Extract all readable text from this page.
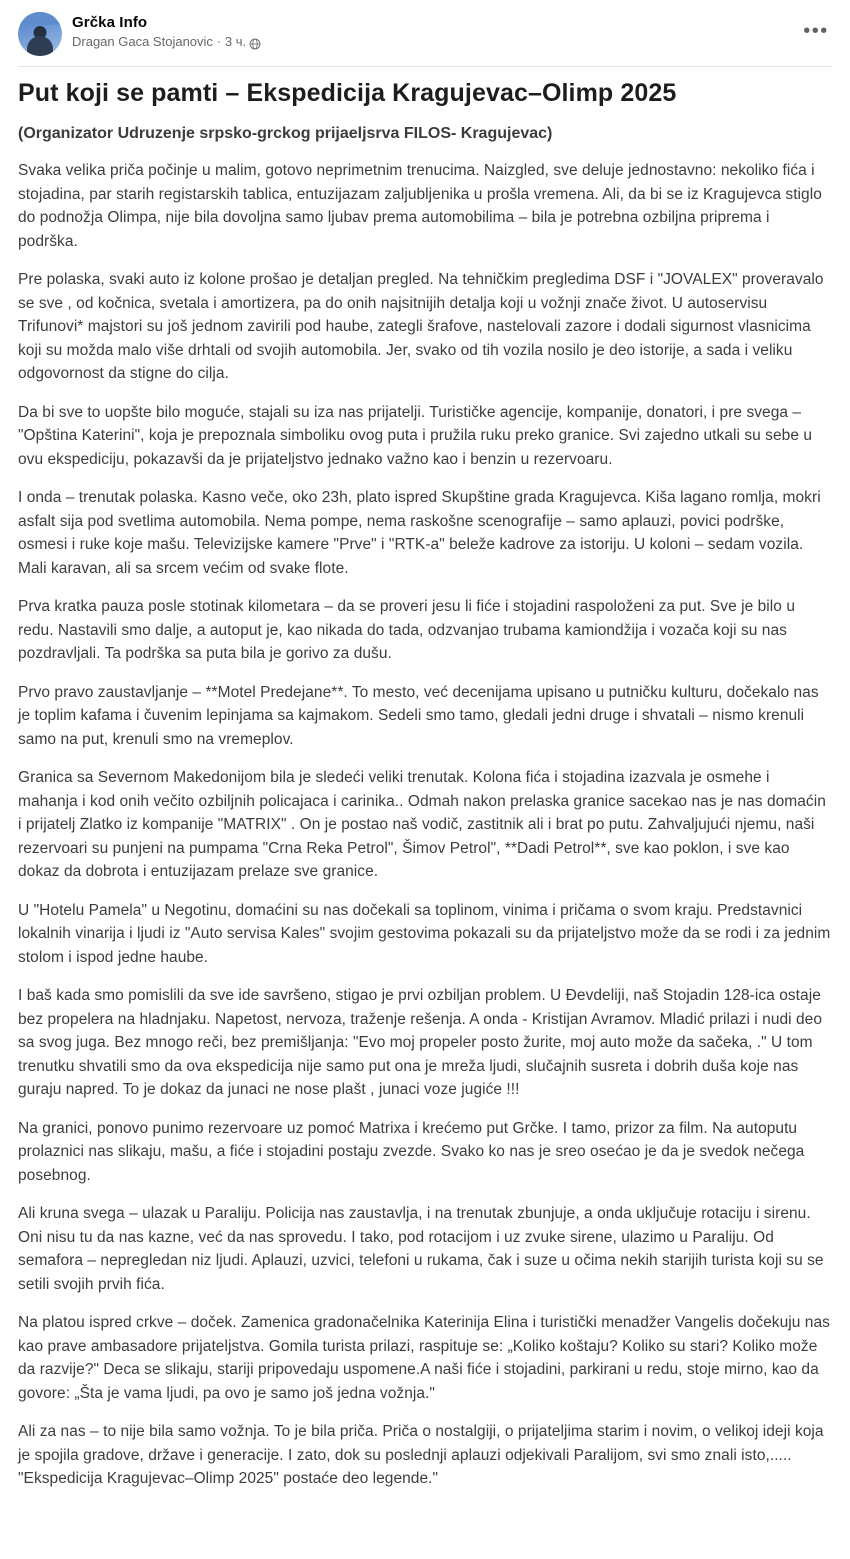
Grčka Info
Dragan Gaca Stojanovic · 3 ч.	•••
Put koji se pamti – Ekspedicija Kragujevac–Olimp 2025
(Organizator Udruzenje srpsko-grckog prijaeljsrva FILOS- Kragujevac)

Svaka velika priča počinje u malim, gotovo neprimetnim trenucima. Naizgled, sve deluje jednostavno: nekoliko fića i stojadina, par starih registarskih tablica, entuzijazam zaljubljenika u prošla vremena. Ali, da bi se iz Kragujevca stiglo do podnožja Olimpa, nije bila dovoljna samo ljubav prema automobilima – bila je potrebna ozbiljna priprema i podrška.

Pre polaska, svaki auto iz kolone prošao je detaljan pregled. Na tehničkim pregledima DSF i "JOVALEX" proveravalo se sve , od kočnica, svetala i amortizera, pa do onih najsitnijih detalja koji u vožnji znače život. U autoservisu Trifunovi* majstori su još jednom zavirili pod haube, zategli šrafove, nastelovali zazore i dodali sigurnost vlasnicima koji su možda malo više drhtali od svojih automobila. Jer, svako od tih vozila nosilo je deo istorije, a sada i veliku odgovornost da stigne do cilja.

Da bi sve to uopšte bilo moguće, stajali su iza nas prijatelji. Turističke agencije, kompanije, donatori, i pre svega – "Opština Katerini", koja je prepoznala simboliku ovog puta i pružila ruku preko granice. Svi zajedno utkali su sebe u ovu ekspediciju, pokazavši da je prijateljstvo jednako važno kao i benzin u rezervoaru.

I onda – trenutak polaska. Kasno veče, oko 23h, plato ispred Skupštine grada Kragujevca. Kiša lagano romlja, mokri asfalt sija pod svetlima automobila. Nema pompe, nema raskošne scenografije – samo aplauzi, povici podrške, osmesi i ruke koje mašu. Televizijske kamere "Prve" i "RTK-a" beleže kadrove za istoriju. U koloni – sedam vozila. Mali karavan, ali sa srcem većim od svake flote.

Prva kratka pauza posle stotinak kilometara – da se proveri jesu li fiće i stojadini raspoloženi za put. Sve je bilo u redu. Nastavili smo dalje, a autoput je, kao nikada do tada, odzvanjao trubama kamiondžija i vozača koji su nas pozdravljali. Ta podrška sa puta bila je gorivo za dušu.

Prvo pravo zaustavljanje – **Motel Predejane**. To mesto, već decenijama upisano u putničku kulturu, dočekalo nas je toplim kafama i čuvenim lepinjama sa kajmakom. Sedeli smo tamo, gledali jedni druge i shvatali – nismo krenuli samo na put, krenuli smo na vremeplov.

Granica sa Severnom Makedonijom bila je sledeći veliki trenutak. Kolona fića i stojadina izazvala je osmehe i mahanja i kod onih večito ozbiljnih policajaca i carinika.. Odmah nakon prelaska granice sacekao nas je nas domaćin i prijatelj Zlatko iz kompanije "MATRIX" . On je postao naš vodič, zastitnik ali i brat po putu. Zahvaljujući njemu, naši rezervoari su punjeni na pumpama "Crna Reka Petrol", Šimov Petrol", **Dadi Petrol**, sve kao poklon, i sve kao dokaz da dobrota i entuzijazam prelaze sve granice.

U "Hotelu Pamela" u Negotinu, domaćini su nas dočekali sa toplinom, vinima i pričama o svom kraju. Predstavnici lokalnih vinarija i ljudi iz "Auto servisa Kales" svojim gestovima pokazali su da prijateljstvo može da se rodi i za jednim stolom i ispod jedne haube.

I baš kada smo pomislili da sve ide savršeno, stigao je prvi ozbiljan problem. U Đevdeliji, naš Stojadin 128-ica ostaje bez propelera na hladnjaku. Napetost, nervoza, traženje rešenja. A onda - Kristijan Avramov. Mladić prilazi i nudi deo sa svog juga. Bez mnogo reči, bez premišljanja: "Evo moj propeler posto žurite, moj auto može da sačeka, ." U tom trenutku shvatili smo da ova ekspedicija nije samo put ona je mreža ljudi, slučajnih susreta i dobrih duša koje nas guraju napred. To je dokaz da junaci ne nose plašt , junaci voze jugiće !!!

Na granici, ponovo punimo rezervoare uz pomoć Matrixa i krećemo put Grčke. I tamo, prizor za film. Na autoputu prolaznici nas slikaju, mašu, a fiće i stojadini postaju zvezde. Svako ko nas je sreo osećao je da je svedok nečega posebnog.

Ali kruna svega – ulazak u Paraliju. Policija nas zaustavlja, i na trenutak zbunjuje, a onda uključuje rotaciju i sirenu. Oni nisu tu da nas kazne, već da nas sprovedu. I tako, pod rotacijom i uz zvuke sirene, ulazimo u Paraliju. Od semafora – nepregledan niz ljudi. Aplauzi, uzvici, telefoni u rukama, čak i suze u očima nekih starijih turista koji su se setili svojih prvih fića.

Na platou ispred crkve – doček. Zamenica gradonačelnika Katerinija Elina i turistički menadžer Vangelis dočekuju nas kao prave ambasadore prijateljstva. Gomila turista prilazi, raspituje se: „Koliko koštaju? Koliko su stari? Koliko može da razvije?" Deca se slikaju, stariji pripovedaju uspomene.A naši fiće i stojadini, parkirani u redu, stoje mirno, kao da govore: „Šta je vama ljudi, pa ovo je samo još jedna vožnja."

Ali za nas – to nije bila samo vožnja. To je bila priča. Priča o nostalgiji, o prijateljima starim i novim, o velikoj ideji koja je spojila gradove, države i generacije. I zato, dok su poslednji aplauzi odjekivali Paralijom, svi smo znali isto,..... "Ekspedicija Kragujevac–Olimp 2025" postaće deo legende."
